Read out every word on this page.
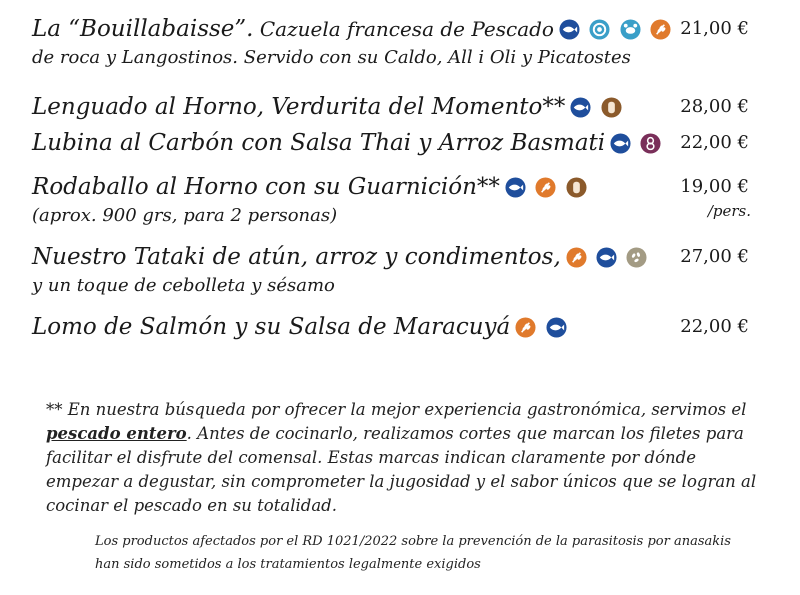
La “Bouillabaisse”. Cazuela francesa de Pescado

de roca y Langostinos. Servido con su Caldo, All i Oli y Picatostes
21,00 €
Lenguado al Horno, Verdurita del Momento**
	28,00 €
Lubina al Carbón con Salsa Thai y Arroz Basmati
	22,00 €
Rodaballo al Horno con su Guarnición**

(aprox. 900 grs, para 2 personas)
19,00 €
/pers.
Nuestro Tataki de atún, arroz y condimentos,

y un toque de cebolleta y sésamo
27,00 €
Lomo de Salmón y su Salsa de Maracuyá
	22,00 €
** En nuestra búsqueda por ofrecer la mejor experiencia gastronómica, servimos el pescado entero. Antes de cocinarlo, realizamos cortes que marcan los filetes para facilitar el disfrute del comensal. Estas marcas indican claramente por dónde empezar a degustar, sin comprometer la jugosidad y el sabor únicos que se logran al cocinar el pescado en su totalidad.
Los productos afectados por el RD 1021/2022 sobre la prevención de la parasitosis por anasakis
han sido sometidos a los tratamientos legalmente exigidos
